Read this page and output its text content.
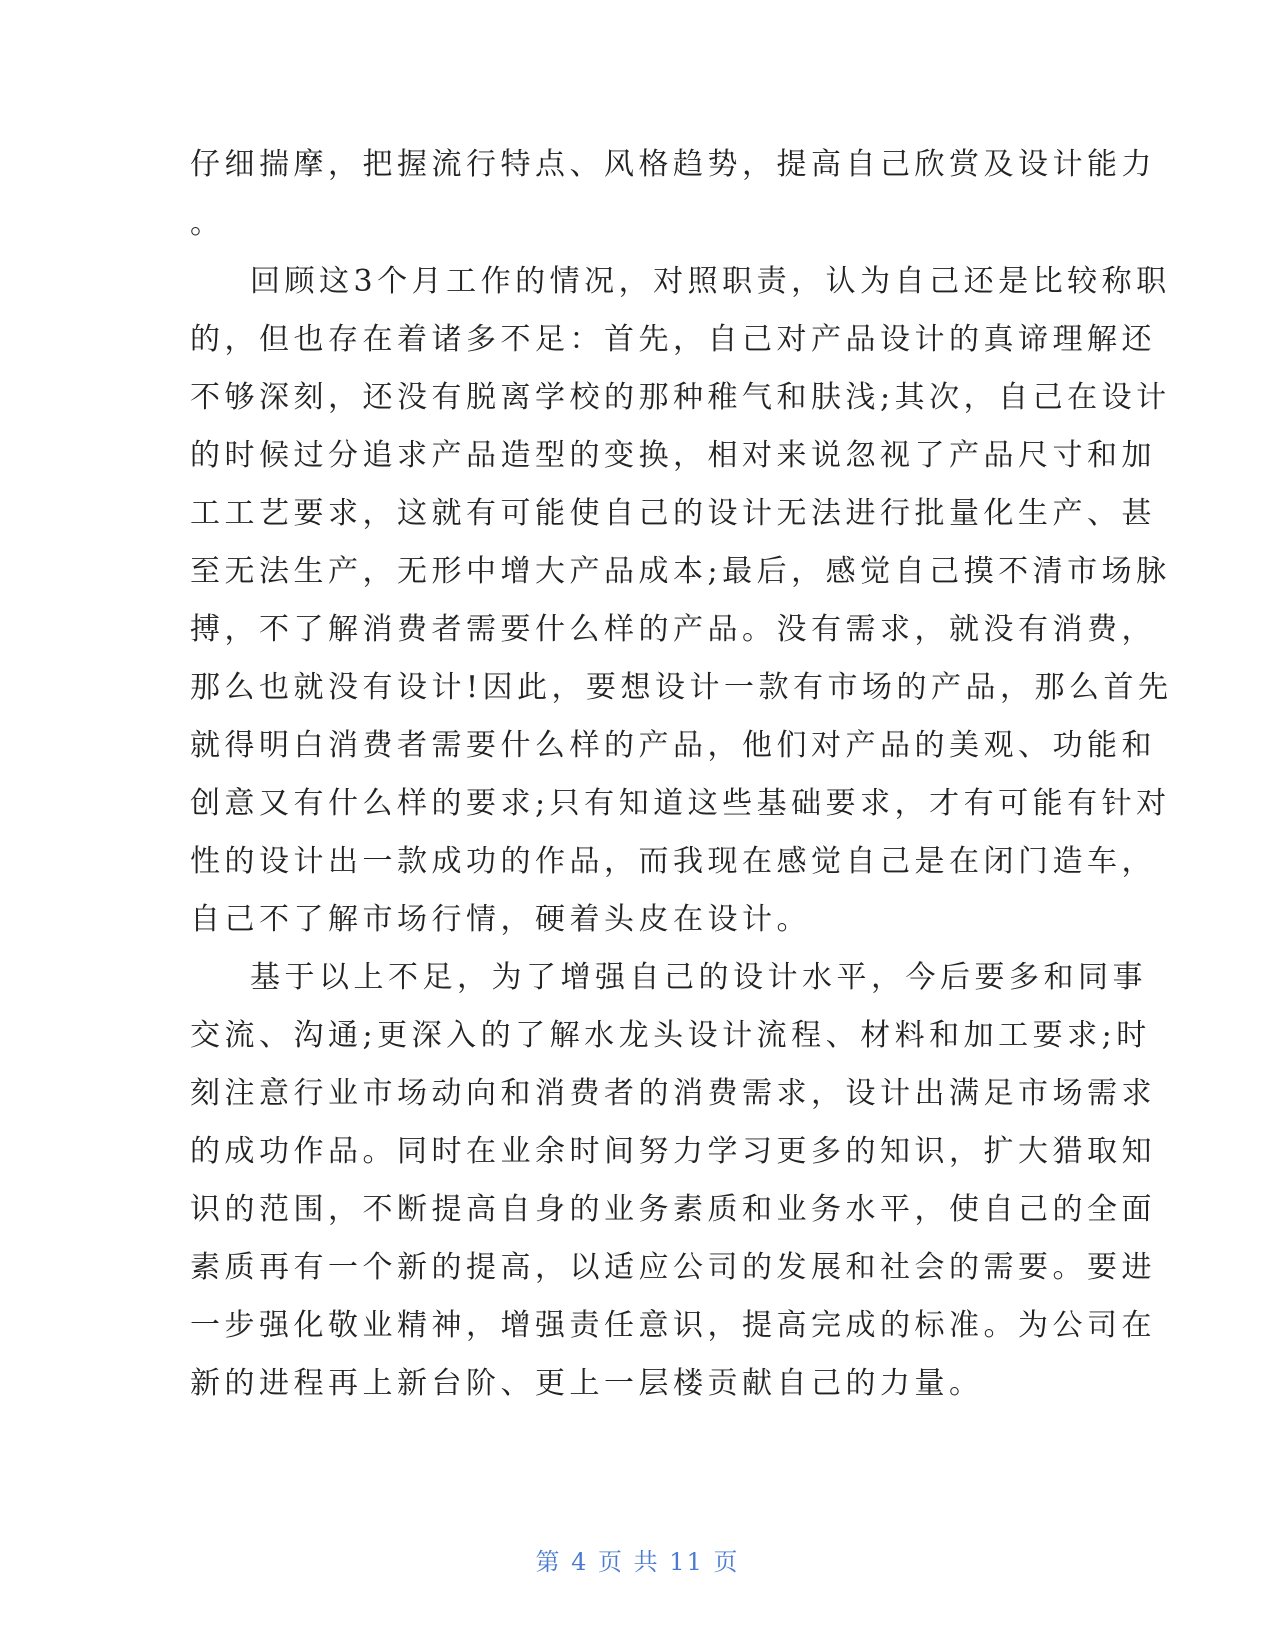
仔细揣摩，把握流行特点、风格趋势，提高自己欣赏及设计能力
。
回顾这3个月工作的情况，对照职责，认为自己还是比较称职
的，但也存在着诸多不足：首先，自己对产品设计的真谛理解还
不够深刻，还没有脱离学校的那种稚气和肤浅;其次，自己在设计
的时候过分追求产品造型的变换，相对来说忽视了产品尺寸和加
工工艺要求，这就有可能使自己的设计无法进行批量化生产、甚
至无法生产，无形中增大产品成本;最后，感觉自己摸不清市场脉
搏，不了解消费者需要什么样的产品。没有需求，就没有消费，
那么也就没有设计!因此，要想设计一款有市场的产品，那么首先
就得明白消费者需要什么样的产品，他们对产品的美观、功能和
创意又有什么样的要求;只有知道这些基础要求，才有可能有针对
性的设计出一款成功的作品，而我现在感觉自己是在闭门造车，
自己不了解市场行情，硬着头皮在设计。
基于以上不足，为了增强自己的设计水平，今后要多和同事
交流、沟通;更深入的了解水龙头设计流程、材料和加工要求;时
刻注意行业市场动向和消费者的消费需求，设计出满足市场需求
的成功作品。同时在业余时间努力学习更多的知识，扩大猎取知
识的范围，不断提高自身的业务素质和业务水平，使自己的全面
素质再有一个新的提高，以适应公司的发展和社会的需要。要进
一步强化敬业精神，增强责任意识，提高完成的标准。为公司在
新的进程再上新台阶、更上一层楼贡献自己的力量。
第 4 页 共 11 页
